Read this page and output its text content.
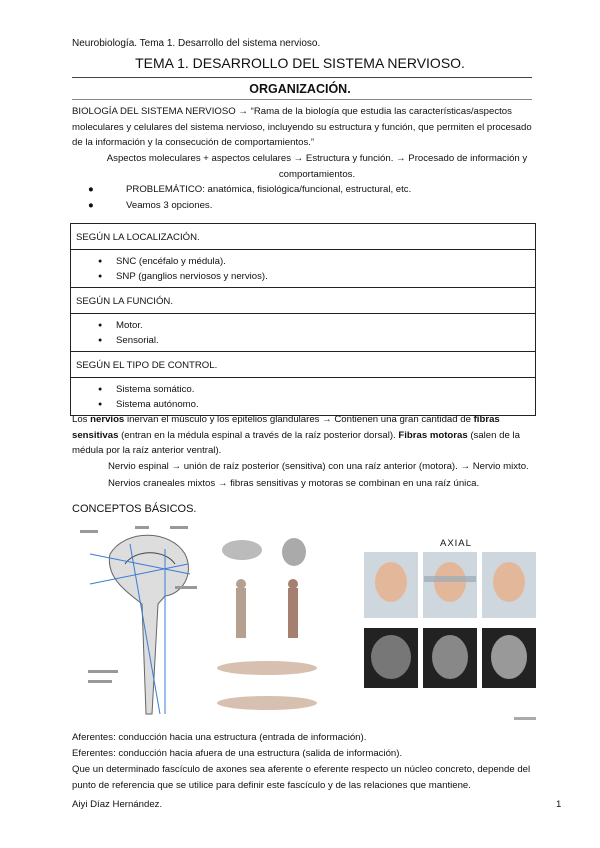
Neurobiología. Tema 1. Desarrollo del sistema nervioso.
TEMA 1. DESARROLLO DEL SISTEMA NERVIOSO.
ORGANIZACIÓN.
BIOLOGÍA DEL SISTEMA NERVIOSO → “Rama de la biología que estudia las características/aspectos moleculares y celulares del sistema nervioso, incluyendo su estructura y función, que permiten el procesado de la información y la consecución de comportamientos.”
Aspectos moleculares + aspectos celulares → Estructura y función. → Procesado de información y comportamientos.
●	PROBLEMÁTICO: anatómica, fisiológica/funcional, estructural, etc.
●	Veamos 3 opciones.
SEGÚN LA LOCALIZACIÓN.

● SNC (encéfalo y médula).
● SNP (ganglios nerviosos y nervios).

SEGÚN LA FUNCIÓN.

● Motor.
● Sensorial.

SEGÚN EL TIPO DE CONTROL.

● Sistema somático.
● Sistema autónomo.
Los nervios inervan el músculo y los epitelios glandulares → Contienen una gran cantidad de fibras sensitivas (entran en la médula espinal a través de la raíz posterior dorsal). Fibras motoras (salen de la médula por la raíz anterior ventral).
Nervio espinal → unión de raíz posterior (sensitiva) con una raíz anterior (motora). → Nervio mixto.
Nervios craneales mixtos → fibras sensitivas y motoras se combinan en una raíz única.
CONCEPTOS BÁSICOS.
AXIAL
Aferentes: conducción hacia una estructura (entrada de información).
Eferentes: conducción hacia afuera de una estructura (salida de información).
Que un determinado fascículo de axones sea aferente o eferente respecto un núcleo concreto, depende del punto de referencia que se utilice para definir este fascículo y de las relaciones que mantiene.
Aiyi Díaz Hernández.	1
